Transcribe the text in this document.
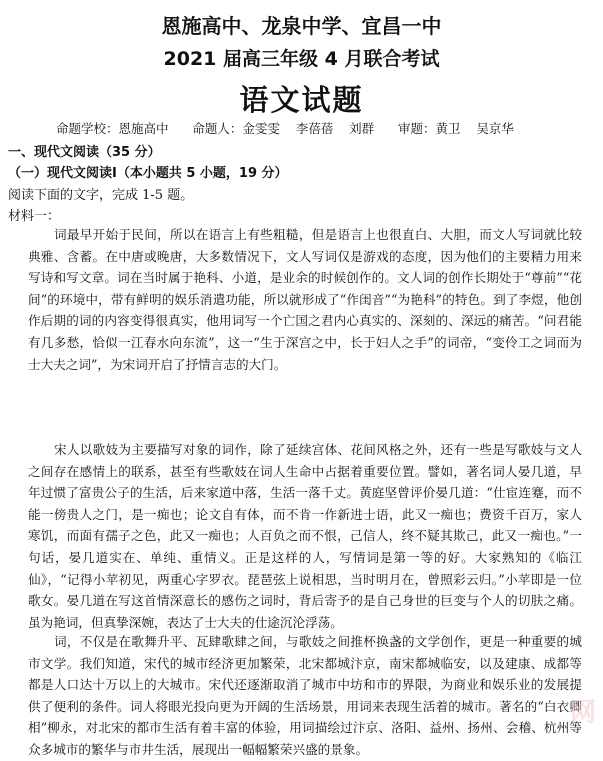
恩施高中、龙泉中学、宜昌一中
2021 届高三年级 4 月联合考试
语文试题
命题学校：恩施高中      命题人：金雯雯    李蓓蓓    刘群      审题：黄卫    吴京华
一、现代文阅读（35 分）
（一）现代文阅读Ⅰ（本小题共 5 小题，19 分）
阅读下面的文字，完成 1-5 题。
材料一：

词最早开始于民间，所以在语言上有些粗糙，但是语言上也很直白、大胆，而文人写词就比较典雅、含蓄。在中唐或晚唐，大多数情况下，文人写词仅是游戏的态度，因为他们的主要精力用来写诗和写文章。词在当时属于艳科、小道，是业余的时候创作的。文人词的创作长期处于“尊前”“花间”的环境中，带有鲜明的娱乐消遣功能，所以就形成了“作闺音”“为艳科”的特色。到了李煜，他创作后期的词的内容变得很真实，他用词写一个亡国之君内心真实的、深刻的、深远的痛苦。“问君能有几多愁，恰似一江春水向东流”，这一“生于深宫之中，长于妇人之手”的词帝，“变伶工之词而为士大夫之词”，为宋词开启了抒情言志的大门。

宋人以歌妓为主要描写对象的词作，除了延续宫体、花间风格之外，还有一些是写歌妓与文人之间存在感情上的联系，甚至有些歌妓在词人生命中占据着重要位置。譬如，著名词人晏几道，早年过惯了富贵公子的生活，后来家道中落，生活一落千丈。黄庭坚曾评价晏几道：“仕宦连蹇，而不能一傍贵人之门，是一痴也；论文自有体，而不肯一作新进士语，此又一痴也；费资千百万，家人寒饥，而面有孺子之色，此又一痴也；人百负之而不恨，己信人，终不疑其欺己，此又一痴也。”一句话，晏几道实在、单纯、重情义。正是这样的人，写情词是第一等的好。大家熟知的《临江仙》，“记得小苹初见，两重心字罗衣。琵琶弦上说相思，当时明月在，曾照彩云归。”小苹即是一位歌女。晏几道在写这首情深意长的感伤之词时，背后寄予的是自己身世的巨变与个人的切肤之痛。虽为艳词，但真挚深婉，表达了士大夫的仕途沉沦浮荡。

词，不仅是在歌舞升平、瓦肆歌肆之间，与歌妓之间推杯换盏的文学创作，更是一种重要的城市文学。我们知道，宋代的城市经济更加繁荣，北宋都城汴京，南宋都城临安，以及建康、成都等都是人口达十万以上的大城市。宋代还逐渐取消了城市中坊和市的界限，为商业和娱乐业的发展提供了便利的条件。词人将眼光投向更为开阔的生活场景，用词来表现生活着的城市。著名的“白衣卿相”柳永，对北宋的都市生活有着丰富的体验，用词描绘过汴京、洛阳、益州、扬州、会稽、杭州等众多城市的繁华与市井生活，展现出一幅幅繁荣兴盛的景象。

网
